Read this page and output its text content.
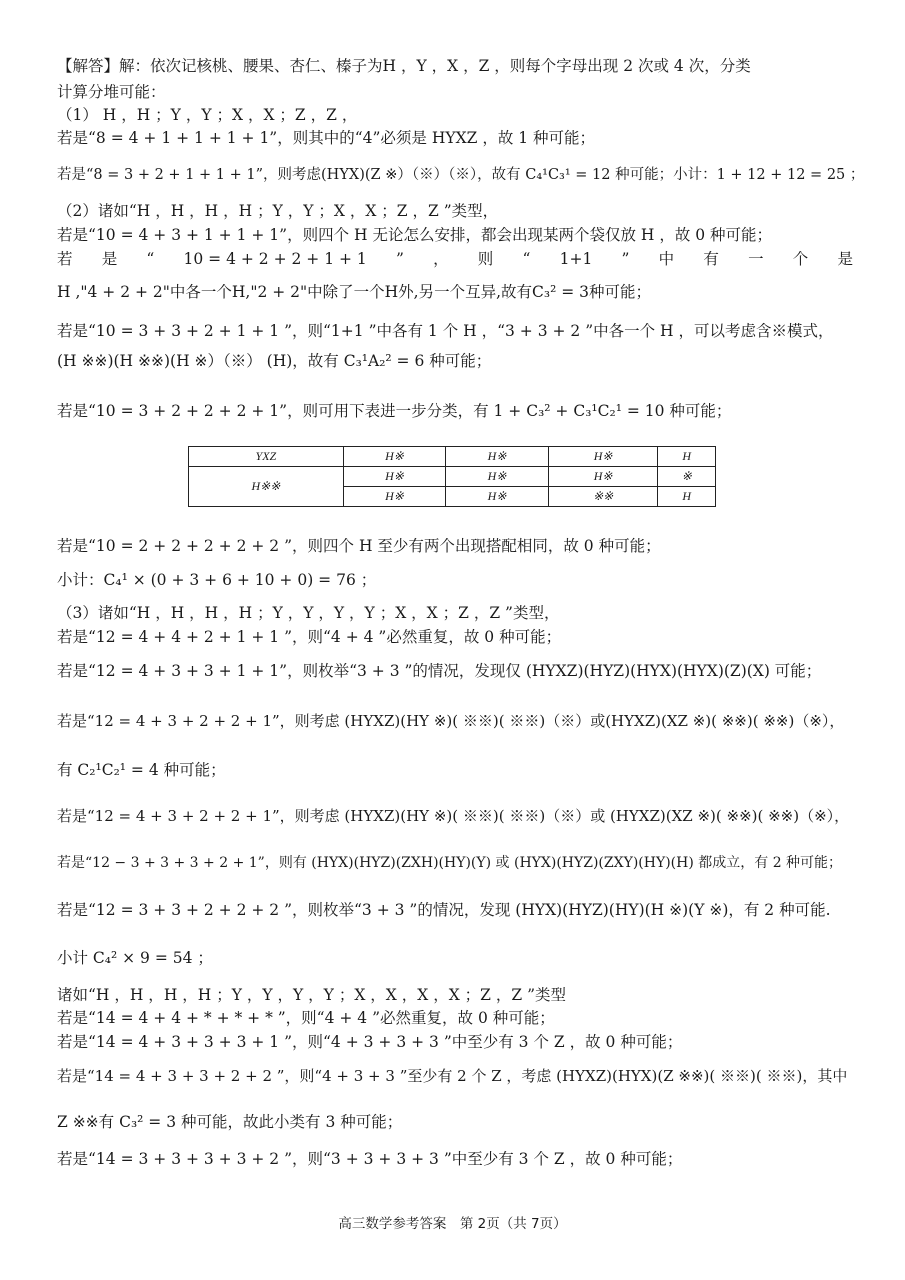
【解答】解：依次记核桃、腰果、杏仁、榛子为H ，Y ，X ，Z ，则每个字母出现 2 次或 4 次，分类
计算分堆可能：
（1） H ，H ；Y ，Y ；X ，X ；Z ，Z ，
若是“8 = 4 + 1 + 1 + 1 + 1”，则其中的“4”必须是 HYXZ ，故 1 种可能；
若是“8 = 3 + 2 + 1 + 1 + 1”，则考虑(HYX)(Z ※）（※）（※），故有 C₄¹C₃¹ = 12 种可能；小计：1 + 12 + 12 = 25 ；
（2）诸如“H ，H ，H ，H ；Y ，Y ；X ，X ；Z ，Z ”类型，
若是“10 = 4 + 3 + 1 + 1 + 1”，则四个 H 无论怎么安排，都会出现某两个袋仅放 H ，故 0 种可能；
若 是 “ 10 = 4 + 2 + 2 + 1 + 1 ” ， 则 “ 1+1 ” 中 有 一 个 是
H ,"4 + 2 + 2"中各一个H,"2 + 2"中除了一个H外,另一个互异,故有C₃² = 3种可能；
若是“10 = 3 + 3 + 2 + 1 + 1 ”，则“1+1 ”中各有 1 个 H ，“3 + 3 + 2 ”中各一个 H ，可以考虑含※模式，
(H ※※)(H ※※)(H ※）（※） (H)，故有 C₃¹A₂² = 6 种可能；
若是“10 = 3 + 2 + 2 + 2 + 1”，则可用下表进一步分类，有 1 + C₃² + C₃¹C₂¹ = 10 种可能；
YXZ	H※	H※	H※	H
H※※	H※	H※	H※	※
	H※	H※	※※	H
若是“10 = 2 + 2 + 2 + 2 + 2 ”，则四个 H 至少有两个出现搭配相同，故 0 种可能；
小计：C₄¹ × (0 + 3 + 6 + 10 + 0) = 76 ；
（3）诸如“H ，H ，H ，H ；Y ，Y ，Y ，Y ；X ，X ；Z ，Z ”类型，
若是“12 = 4 + 4 + 2 + 1 + 1 ”，则“4 + 4 ”必然重复，故 0 种可能；
若是“12 = 4 + 3 + 3 + 1 + 1”，则枚举“3 + 3 ”的情况，发现仅 (HYXZ)(HYZ)(HYX)(HYX)(Z)(X) 可能；
若是“12 = 4 + 3 + 2 + 2 + 1”，则考虑 (HYXZ)(HY ※)( ※※)( ※※)（※）或(HYXZ)(XZ ※)( ※※)( ※※)（※），
有 C₂¹C₂¹ = 4 种可能；
若是“12 = 4 + 3 + 2 + 2 + 1”，则考虑 (HYXZ)(HY ※)( ※※)( ※※)（※）或 (HYXZ)(XZ ※)( ※※)( ※※)（※），
若是“12 − 3 + 3 + 3 + 2 + 1”，则有 (HYX)(HYZ)(ZXH)(HY)(Y) 或 (HYX)(HYZ)(ZXY)(HY)(H) 都成立，有 2 种可能；
若是“12 = 3 + 3 + 2 + 2 + 2 ”，则枚举“3 + 3 ”的情况，发现 (HYX)(HYZ)(HY)(H ※)(Y ※)，有 2 种可能.
小计 C₄² × 9 = 54 ；
诸如“H ，H ，H ，H ；Y ，Y ，Y ，Y ；X ，X ，X ，X ；Z ，Z ”类型
若是“14 = 4 + 4 + * + * + * ”，则“4 + 4 ”必然重复，故 0 种可能；
若是“14 = 4 + 3 + 3 + 3 + 1 ”，则“4 + 3 + 3 + 3 ”中至少有 3 个 Z ，故 0 种可能；
若是“14 = 4 + 3 + 3 + 2 + 2 ”，则“4 + 3 + 3 ”至少有 2 个 Z ，考虑 (HYXZ)(HYX)(Z ※※)( ※※)( ※※)，其中
Z ※※有 C₃² = 3 种可能，故此小类有 3 种可能；
若是“14 = 3 + 3 + 3 + 3 + 2 ”，则“3 + 3 + 3 + 3 ”中至少有 3 个 Z ，故 0 种可能；
高三数学参考答案　第 2页（共 7页）
